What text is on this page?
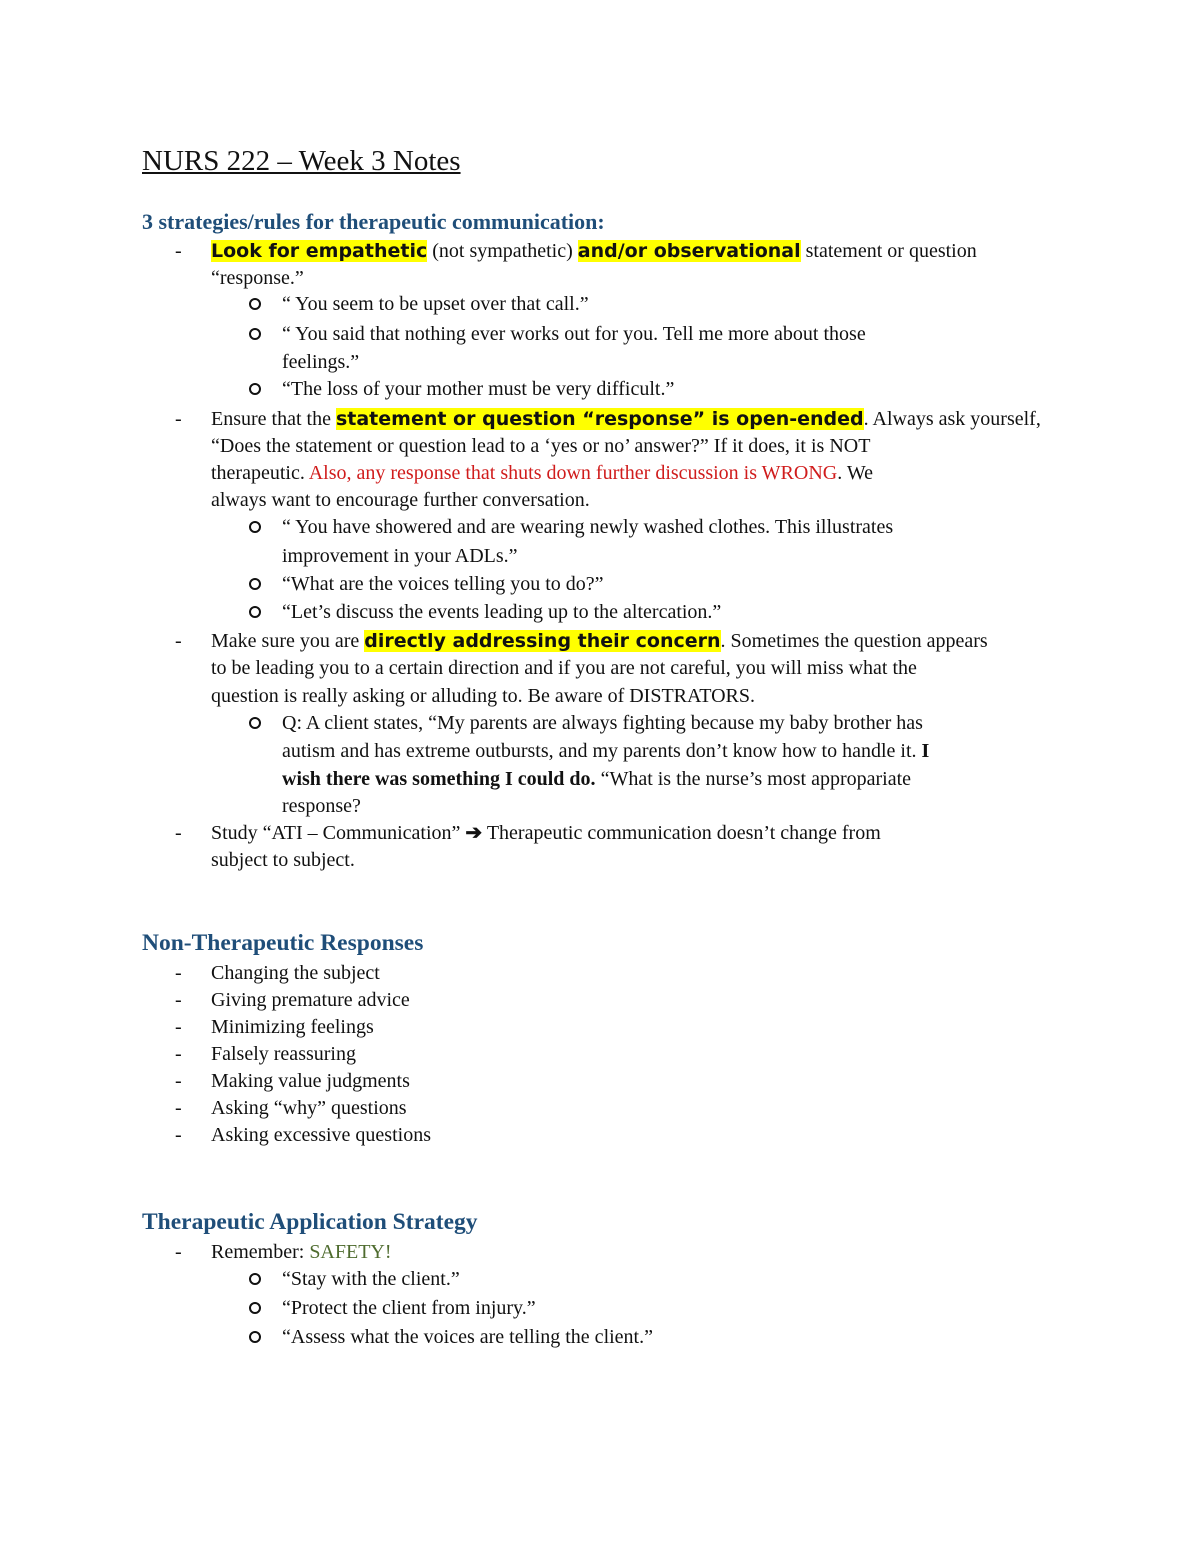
NURS 222 – Week 3 Notes
3 strategies/rules for therapeutic communication:
- Look for empathetic (not sympathetic) and/or observational statement or question
“response.”
“ You seem to be upset over that call.”
“ You said that nothing ever works out for you. Tell me more about those
feelings.”
“The loss of your mother must be very difficult.”
- Ensure that the statement or question “response” is open-ended. Always ask yourself,
“Does the statement or question lead to a ‘yes or no’ answer?” If it does, it is NOT
therapeutic. Also, any response that shuts down further discussion is WRONG. We
always want to encourage further conversation.
“ You have showered and are wearing newly washed clothes. This illustrates
improvement in your ADLs.”
“What are the voices telling you to do?”
“Let’s discuss the events leading up to the altercation.”
- Make sure you are directly addressing their concern. Sometimes the question appears
to be leading you to a certain direction and if you are not careful, you will miss what the
question is really asking or alluding to. Be aware of DISTRATORS.
Q: A client states, “My parents are always fighting because my baby brother has
autism and has extreme outbursts, and my parents don’t know how to handle it. I
wish there was something I could do. “What is the nurse’s most appropariate
response?
- Study “ATI – Communication” ➔ Therapeutic communication doesn’t change from
subject to subject.
Non-Therapeutic Responses
- Changing the subject
- Giving premature advice
- Minimizing feelings
- Falsely reassuring
- Making value judgments
- Asking “why” questions
- Asking excessive questions
Therapeutic Application Strategy
- Remember: SAFETY!
“Stay with the client.”
“Protect the client from injury.”
“Assess what the voices are telling the client.”
